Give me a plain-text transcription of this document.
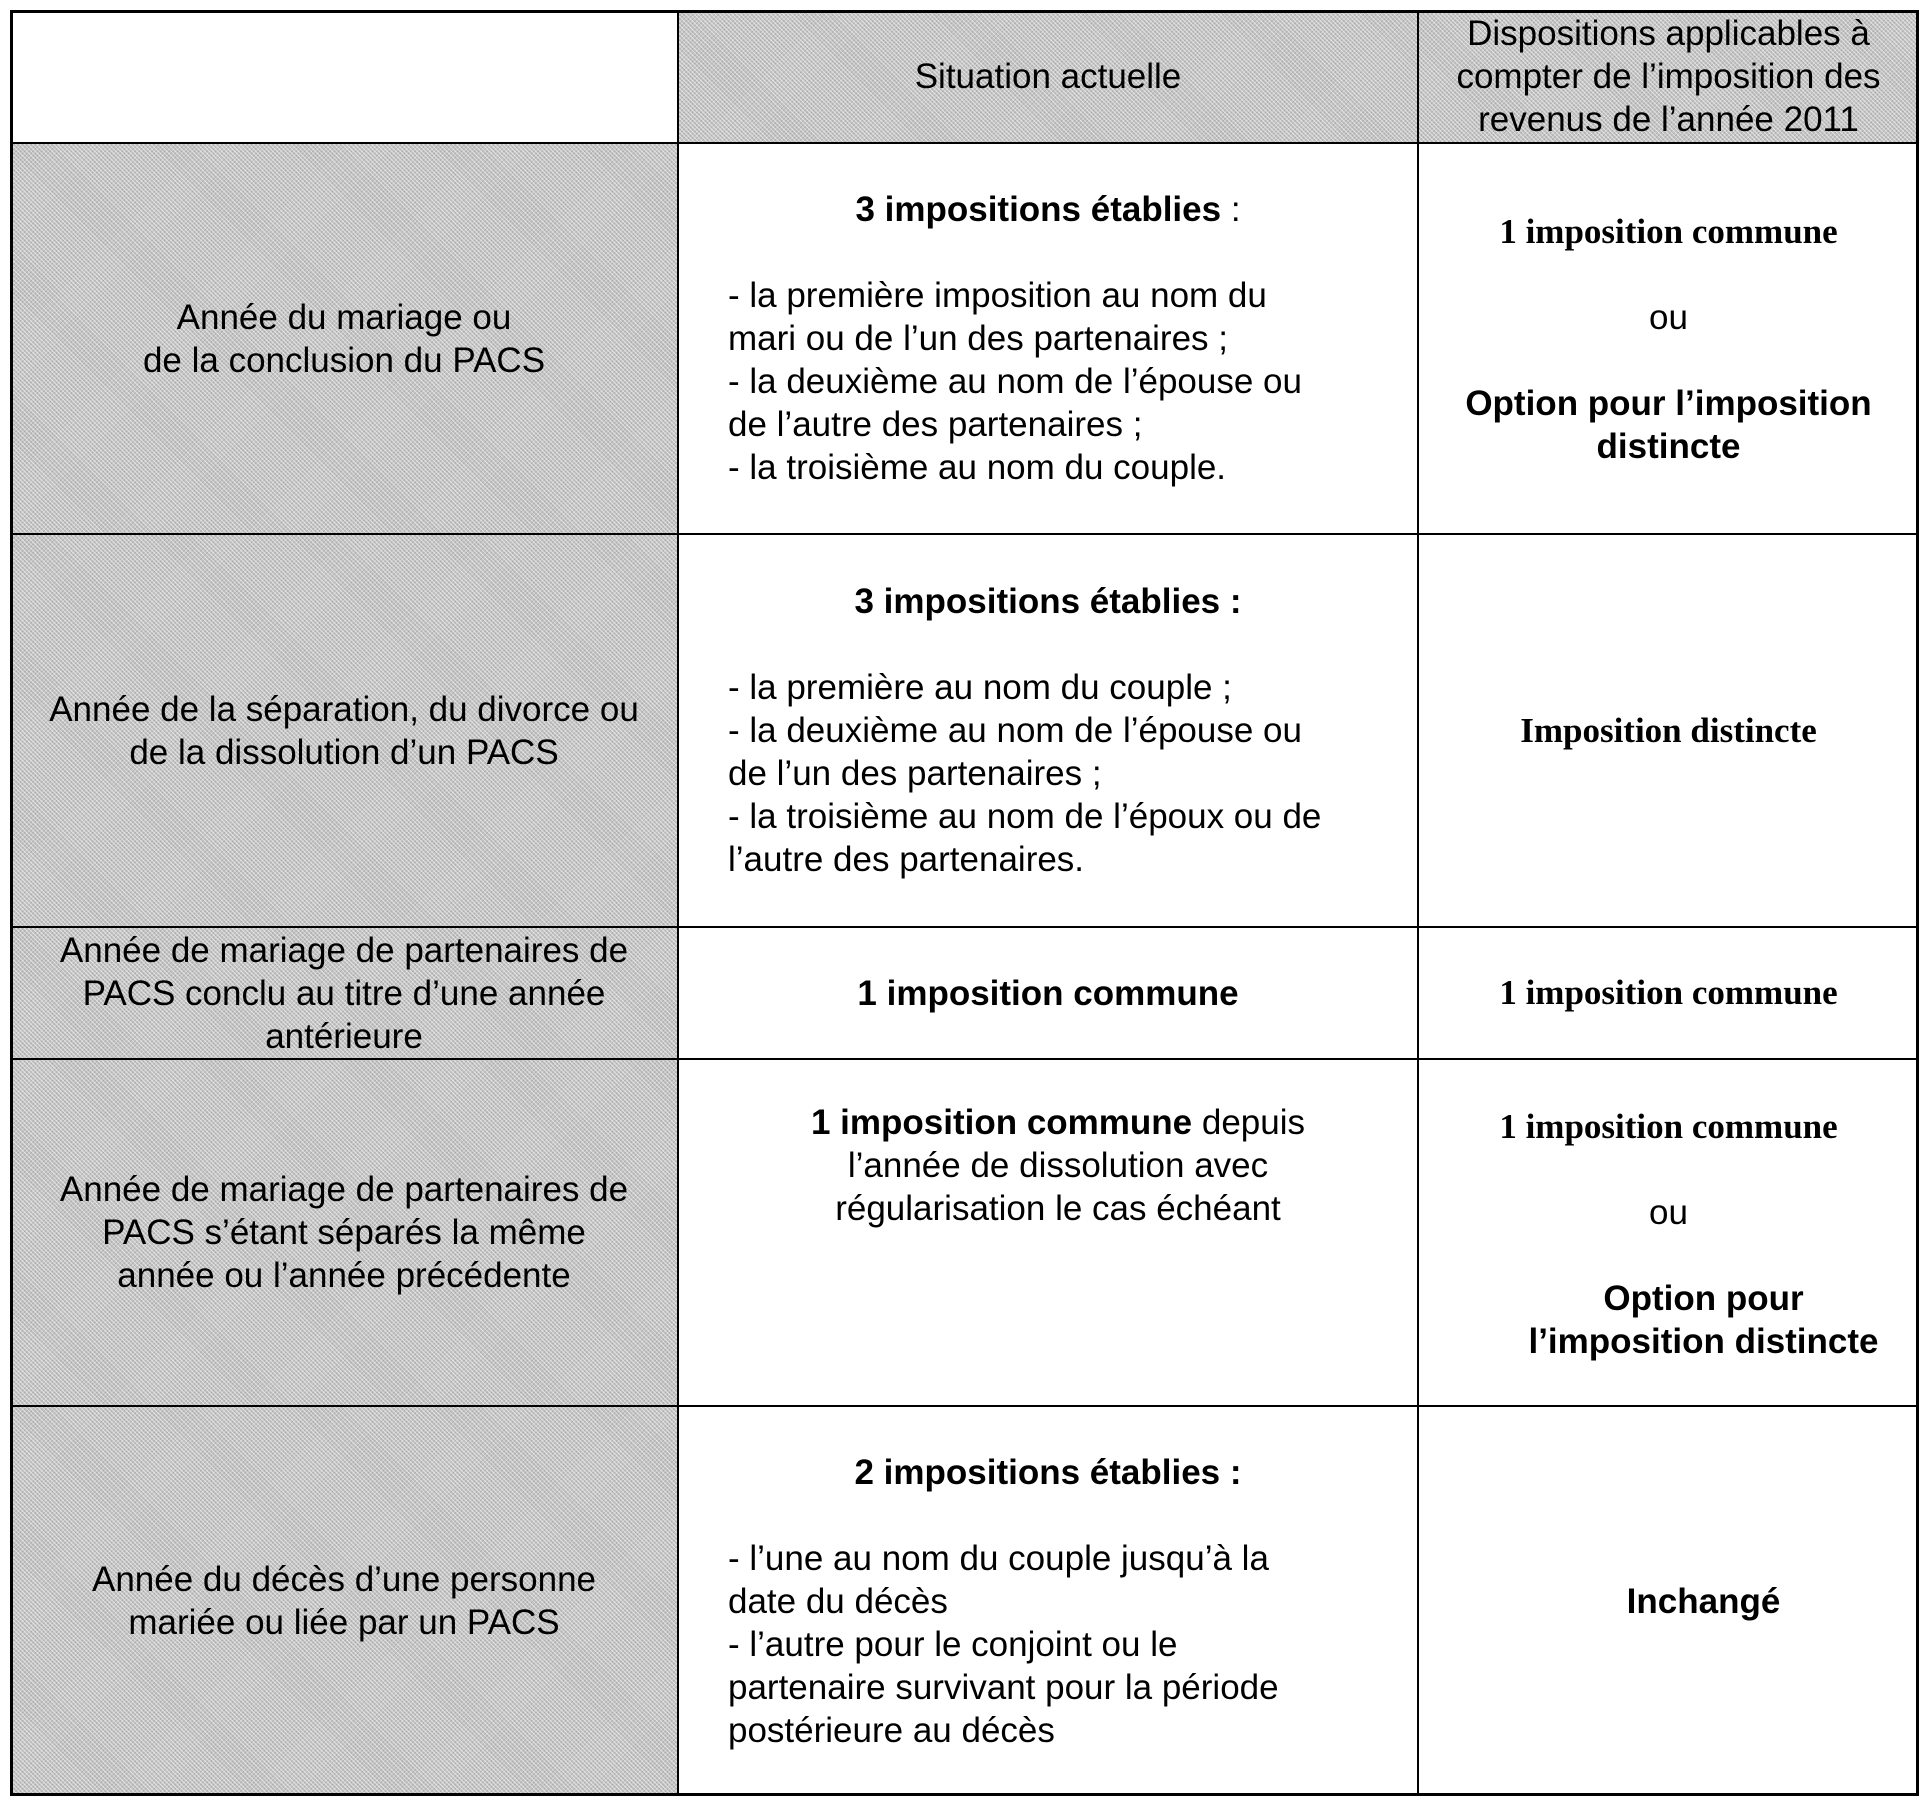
Situation actuelle
Dispositions applicables à
compter de l’imposition des
revenus de l’année 2011
Année du mariage ou
de la conclusion du PACS
3 impositions établies :
- la première imposition au nom du
mari ou de l’un des partenaires ;
- la deuxième au nom de l’épouse ou
de l’autre des partenaires ;
- la troisième au nom du couple.
1 imposition commune
ou
Option pour l’imposition
distincte
Année de la séparation, du divorce ou
de la dissolution d’un PACS
3 impositions établies :
- la première au nom du couple ;
- la deuxième au nom de l’épouse ou
de l’un des partenaires ;
- la troisième au nom de l’époux ou de
l’autre des partenaires.
Imposition distincte
Année de mariage de partenaires de
PACS conclu au titre d’une année
antérieure
1 imposition commune	1 imposition commune
Année de mariage de partenaires de
PACS s’étant séparés la même
année ou l’année précédente
1 imposition commune depuis
l’année de dissolution avec
régularisation le cas échéant
1 imposition commune
ou
Option pour
l’imposition distincte
Année du décès d’une personne
mariée ou liée par un PACS
2 impositions établies :
- l’une au nom du couple jusqu’à la
date du décès
- l’autre pour le conjoint ou le
partenaire survivant pour la période
postérieure au décès
Inchangé
